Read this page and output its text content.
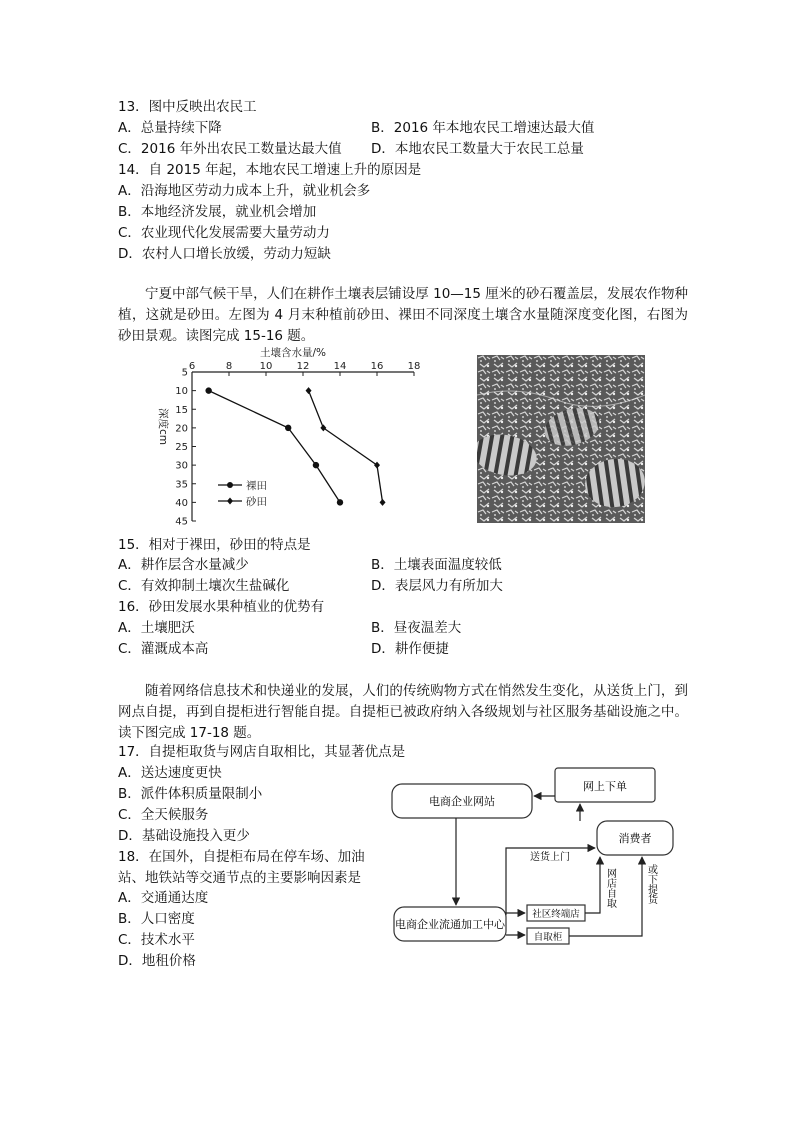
13．图中反映出农民工
A．总量持续下降	B．2016 年本地农民工增速达最大值
C．2016 年外出农民工数量达最大值 D．本地农民工数量大于农民工总量
14．自 2015 年起，本地农民工增速上升的原因是
A．沿海地区劳动力成本上升，就业机会多
B．本地经济发展，就业机会增加
C．农业现代化发展需要大量劳动力
D．农村人口增长放缓，劳动力短缺
宁夏中部气候干旱，人们在耕作土壤表层铺设厚 10—15 厘米的砂石覆盖层，发展农作物种植，这就是砂田。左图为 4 月末种植前砂田、裸田不同深度土壤含水量随深度变化图，右图为砂田景观。读图完成 15-16 题。
6	8	10 12 14 16 18
5
10
15
20
25
30
35
40
45
土壤含水量/%
深度cm
裸田
砂田
15．相对于裸田，砂田的特点是
A．耕作层含水量减少	B．土壤表面温度较低
C．有效抑制土壤次生盐碱化	D．表层风力有所加大
16．砂田发展水果种植业的优势有
A．土壤肥沃	B．昼夜温差大
C．灌溉成本高	D．耕作便捷
随着网络信息技术和快递业的发展，人们的传统购物方式在悄然发生变化，从送货上门，到网点自提，再到自提柜进行智能自提。自提柜已被政府纳入各级规划与社区服务基础设施之中。读下图完成 17-18 题。
17．自提柜取货与网店自取相比，其显著优点是
A．送达速度更快
B．派件体积质量限制小
C．全天候服务
D．基础设施投入更少
18．在国外，自提柜布局在停车场、加油
站、地铁站等交通节点的主要影响因素是
A．交通通达度
B．人口密度
C．技术水平
D．地租价格
网上下单
电商企业网站
消费者
电商企业流通加工中心
社区终端店
自取柜
送货上门
网店自取	或下提货
